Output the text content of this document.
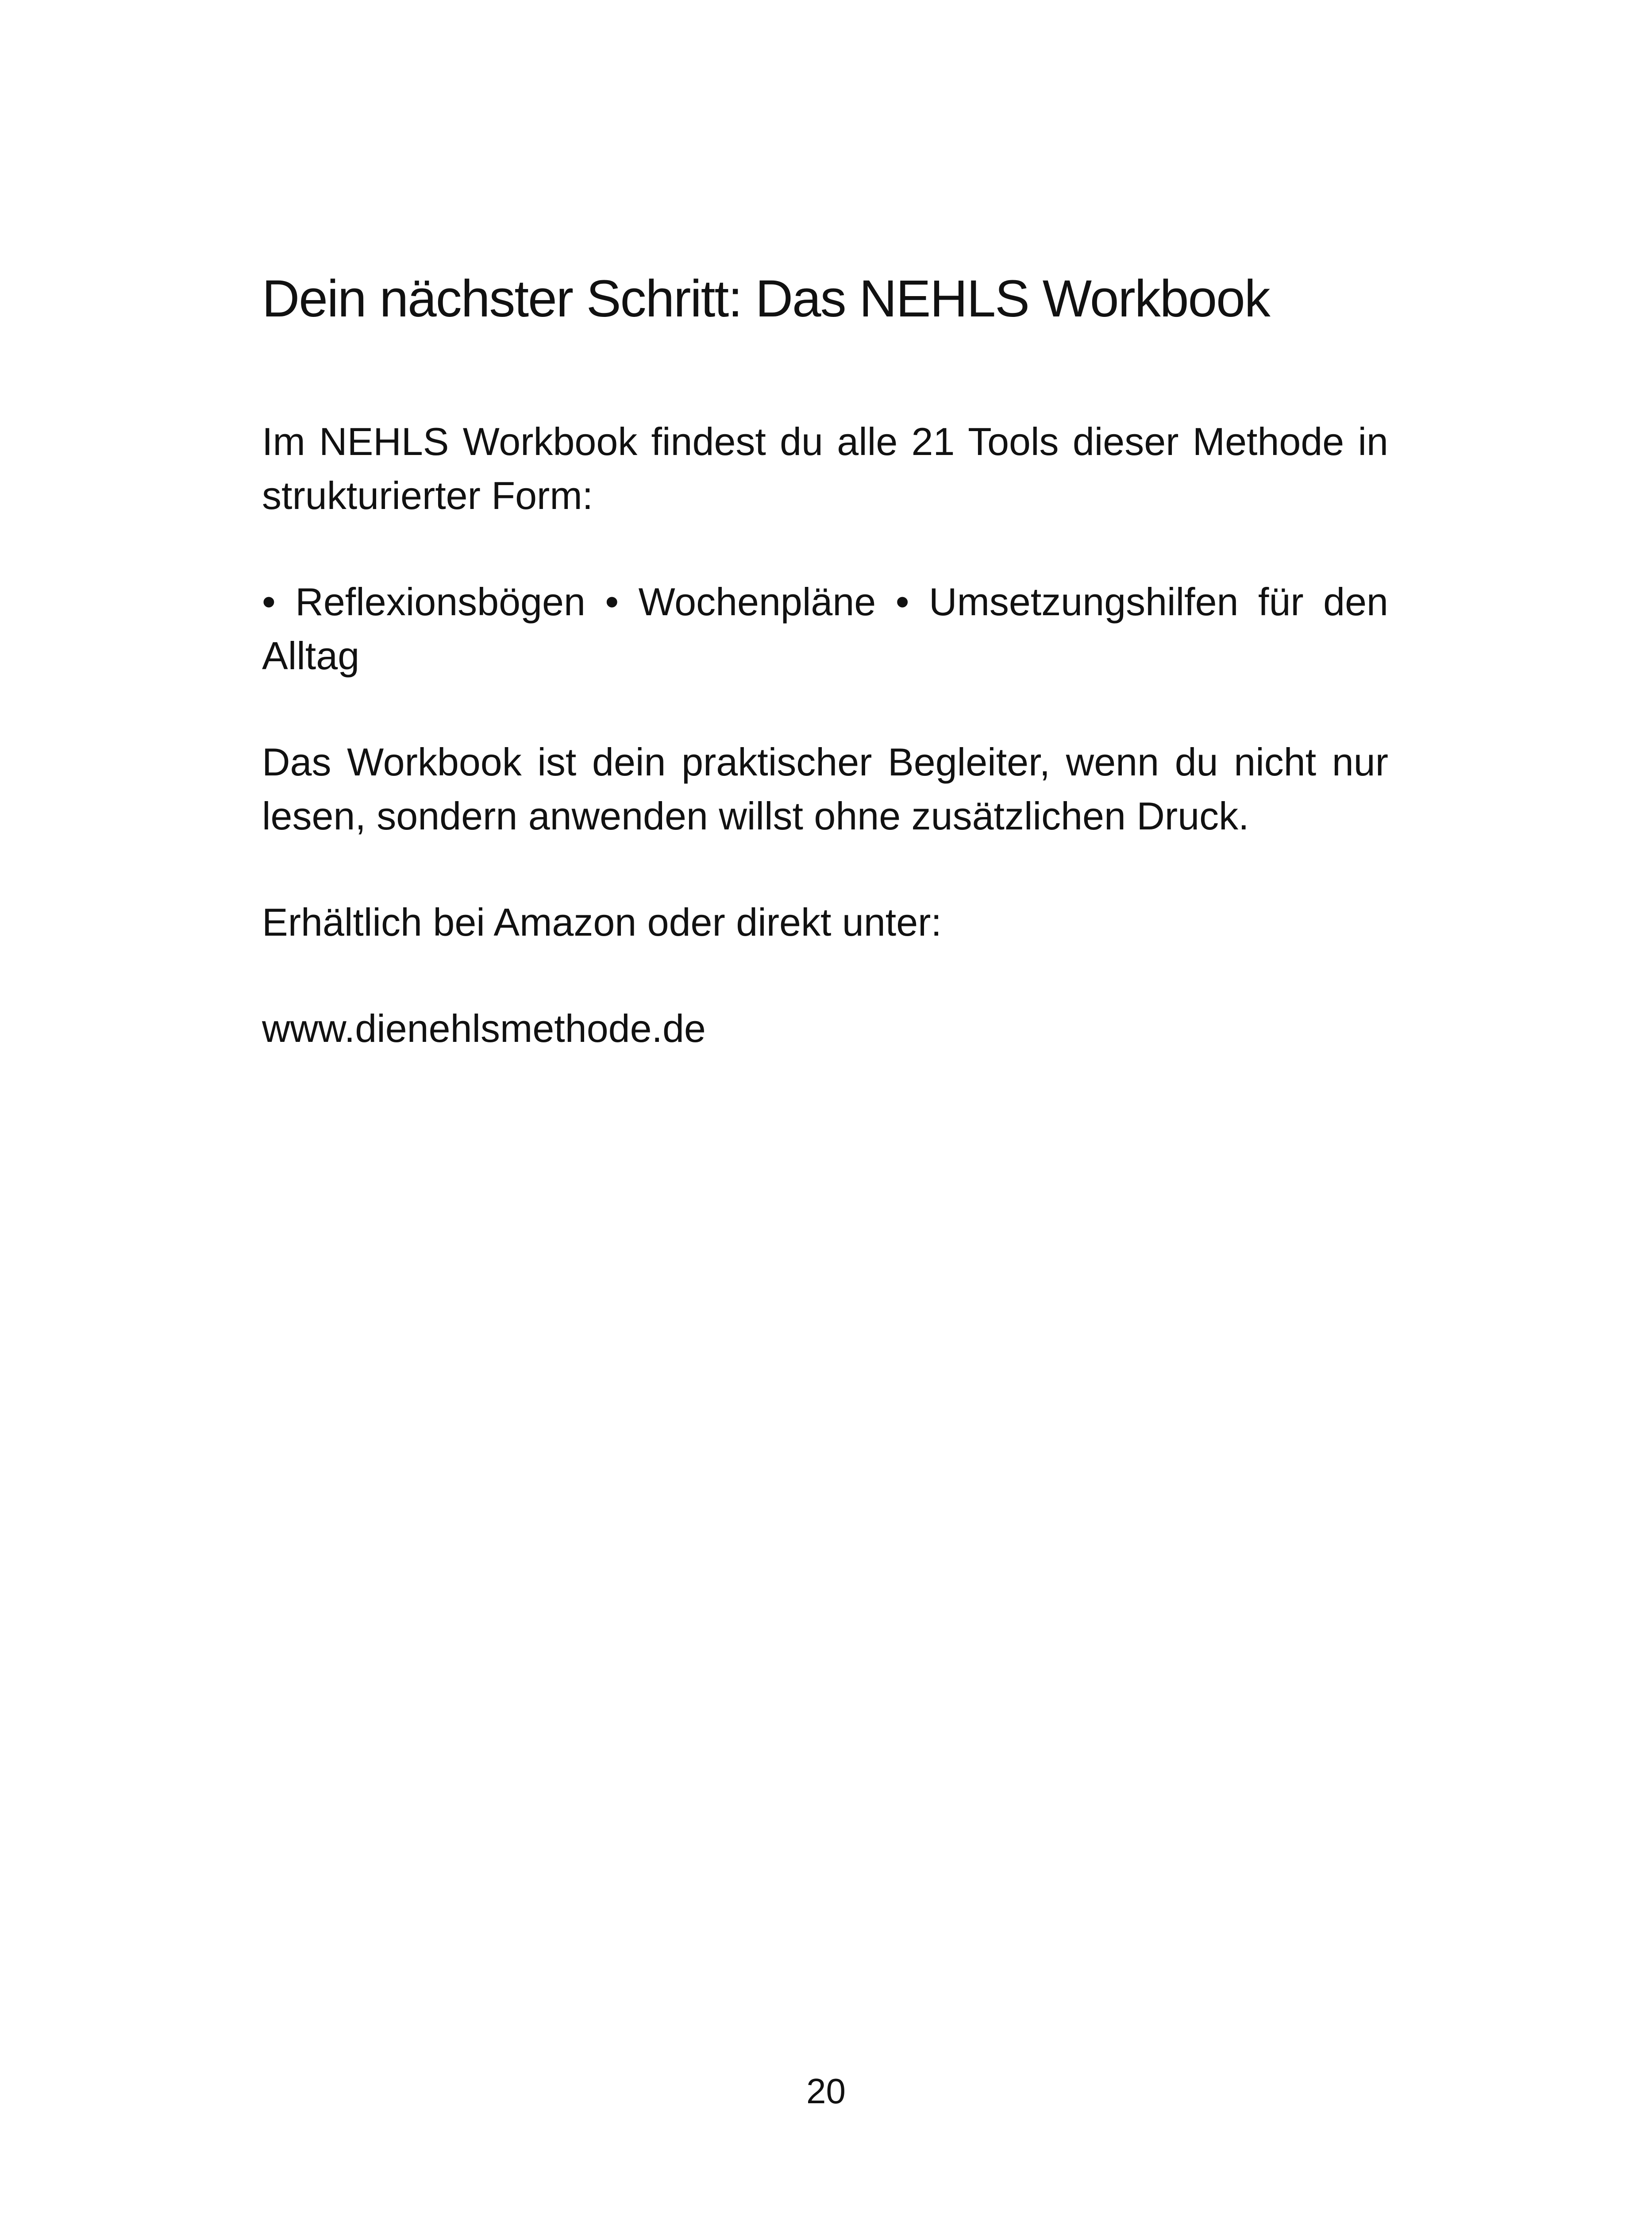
Dein nächster Schritt: Das NEHLS Workbook

Im NEHLS Workbook findest du alle 21 Tools dieser Methode in strukturierter Form:

• Reflexionsbögen • Wochenpläne • Umsetzungshilfen für den Alltag

Das Workbook ist dein praktischer Begleiter, wenn du nicht nur lesen, sondern anwenden willst ohne zusätzlichen Druck.

Erhältlich bei Amazon oder direkt unter:

www.dienehlsmethode.de

20
